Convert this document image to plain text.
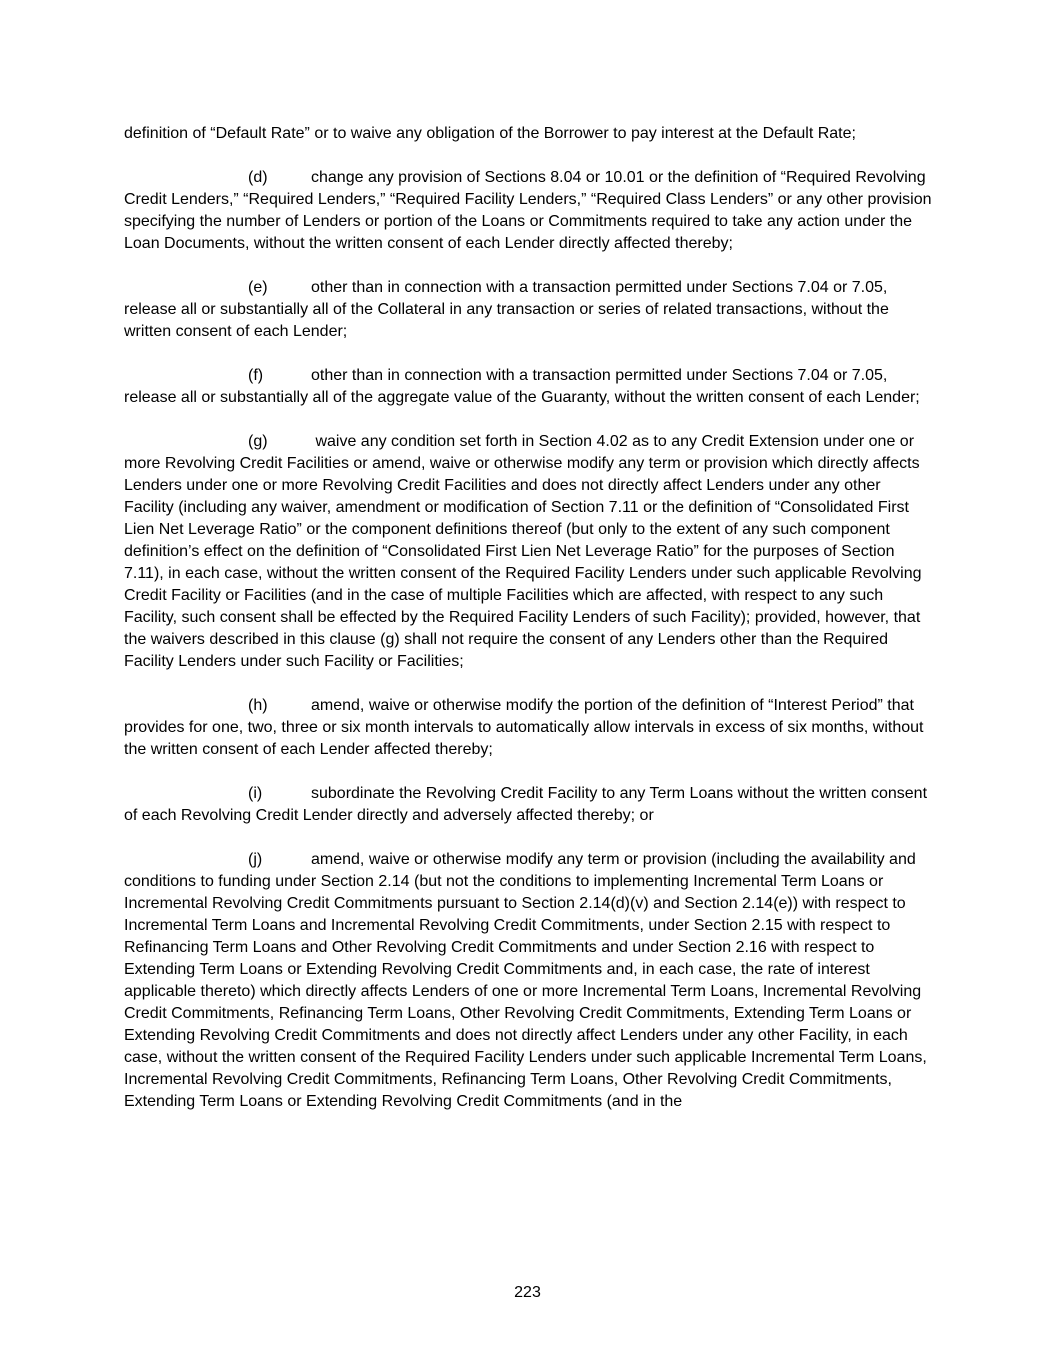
definition of “Default Rate” or to waive any obligation of the Borrower to pay interest at the Default Rate;

(d)	change any provision of Sections 8.04 or 10.01 or the definition of “Required Revolving Credit Lenders,” “Required Lenders,” “Required Facility Lenders,” “Required Class Lenders” or any other provision specifying the number of Lenders or portion of the Loans or Commitments required to take any action under the Loan Documents, without the written consent of each Lender directly affected thereby;

(e)	other than in connection with a transaction permitted under Sections 7.04 or 7.05, release all or substantially all of the Collateral in any transaction or series of related transactions, without the written consent of each Lender;

(f)	other than in connection with a transaction permitted under Sections 7.04 or 7.05, release all or substantially all of the aggregate value of the Guaranty, without the written consent of each Lender;

(g)	waive any condition set forth in Section 4.02 as to any Credit Extension under one or more Revolving Credit Facilities or amend, waive or otherwise modify any term or provision which directly affects Lenders under one or more Revolving Credit Facilities and does not directly affect Lenders under any other Facility (including any waiver, amendment or modification of Section 7.11 or the definition of “Consolidated First Lien Net Leverage Ratio” or the component definitions thereof (but only to the extent of any such component definition’s effect on the definition of “Consolidated First Lien Net Leverage Ratio” for the purposes of Section 7.11), in each case, without the written consent of the Required Facility Lenders under such applicable Revolving Credit Facility or Facilities (and in the case of multiple Facilities which are affected, with respect to any such Facility, such consent shall be effected by the Required Facility Lenders of such Facility); provided, however, that the waivers described in this clause (g) shall not require the consent of any Lenders other than the Required Facility Lenders under such Facility or Facilities;

(h)	amend, waive or otherwise modify the portion of the definition of “Interest Period” that provides for one, two, three or six month intervals to automatically allow intervals in excess of six months, without the written consent of each Lender affected thereby;

(i)	subordinate the Revolving Credit Facility to any Term Loans without the written consent of each Revolving Credit Lender directly and adversely affected thereby; or

(j)	amend, waive or otherwise modify any term or provision (including the availability and conditions to funding under Section 2.14 (but not the conditions to implementing Incremental Term Loans or Incremental Revolving Credit Commitments pursuant to Section 2.14(d)(v) and Section 2.14(e)) with respect to Incremental Term Loans and Incremental Revolving Credit Commitments, under Section 2.15 with respect to Refinancing Term Loans and Other Revolving Credit Commitments and under Section 2.16 with respect to Extending Term Loans or Extending Revolving Credit Commitments and, in each case, the rate of interest applicable thereto) which directly affects Lenders of one or more Incremental Term Loans, Incremental Revolving Credit Commitments, Refinancing Term Loans, Other Revolving Credit Commitments, Extending Term Loans or Extending Revolving Credit Commitments and does not directly affect Lenders under any other Facility, in each case, without the written consent of the Required Facility Lenders under such applicable Incremental Term Loans, Incremental Revolving Credit Commitments, Refinancing Term Loans, Other Revolving Credit Commitments, Extending Term Loans or Extending Revolving Credit Commitments (and in the

223
